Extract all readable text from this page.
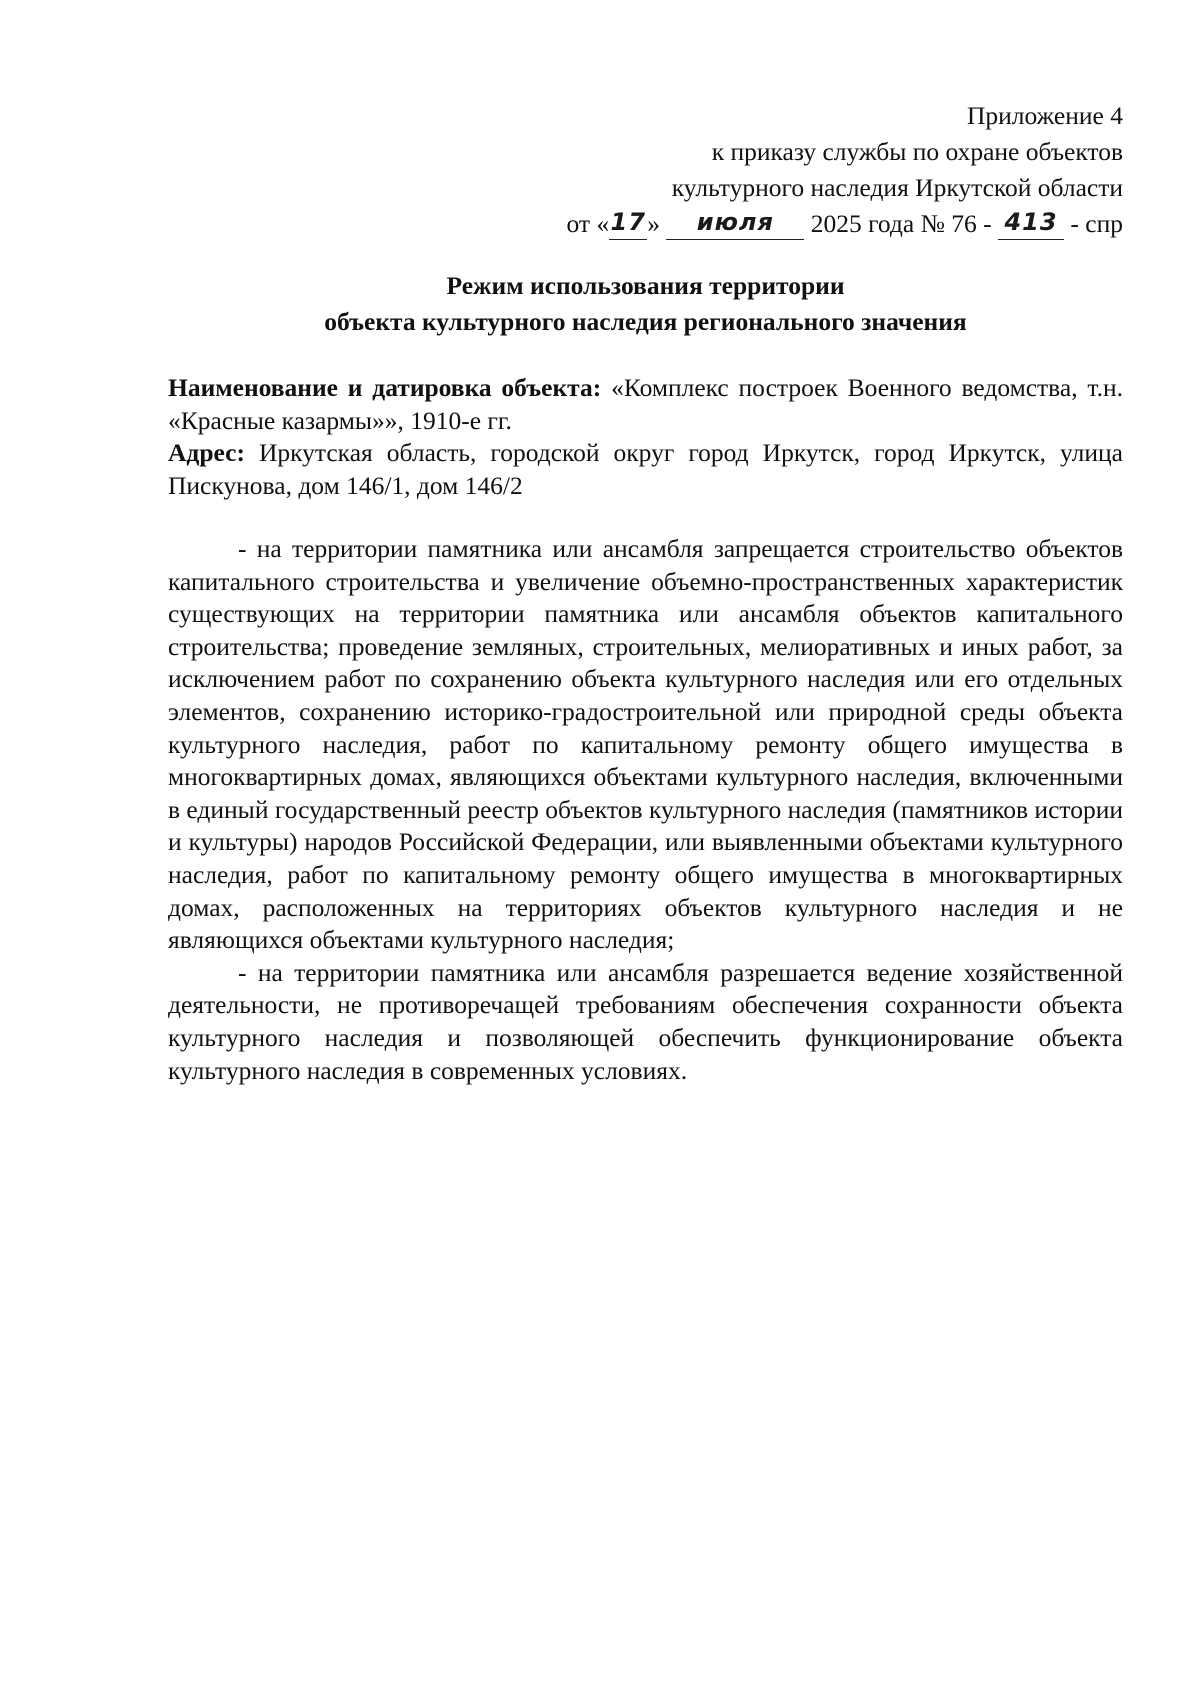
Приложение 4
к приказу службы по охране объектов
культурного наследия Иркутской области
от «17» июля 2025 года № 76 - 413 - спр
Режим использования территории
объекта культурного наследия регионального значения

Наименование и датировка объекта: «Комплекс построек Военного ведомства, т.н. «Красные казармы»», 1910-е гг.

Адрес: Иркутская область, городской округ город Иркутск, город Иркутск, улица Пискунова, дом 146/1, дом 146/2

- на территории памятника или ансамбля запрещается строительство объектов капитального строительства и увеличение объемно-пространственных характеристик существующих на территории памятника или ансамбля объектов капитального строительства; проведение земляных, строительных, мелиоративных и иных работ, за исключением работ по сохранению объекта культурного наследия или его отдельных элементов, сохранению историко-градостроительной или природной среды объекта культурного наследия, работ по капитальному ремонту общего имущества в многоквартирных домах, являющихся объектами культурного наследия, включенными в единый государственный реестр объектов культурного наследия (памятников истории и культуры) народов Российской Федерации, или выявленными объектами культурного наследия, работ по капитальному ремонту общего имущества в многоквартирных домах, расположенных на территориях объектов культурного наследия и не являющихся объектами культурного наследия;

- на территории памятника или ансамбля разрешается ведение хозяйственной деятельности, не противоречащей требованиям обеспечения сохранности объекта культурного наследия и позволяющей обеспечить функционирование объекта культурного наследия в современных условиях.
